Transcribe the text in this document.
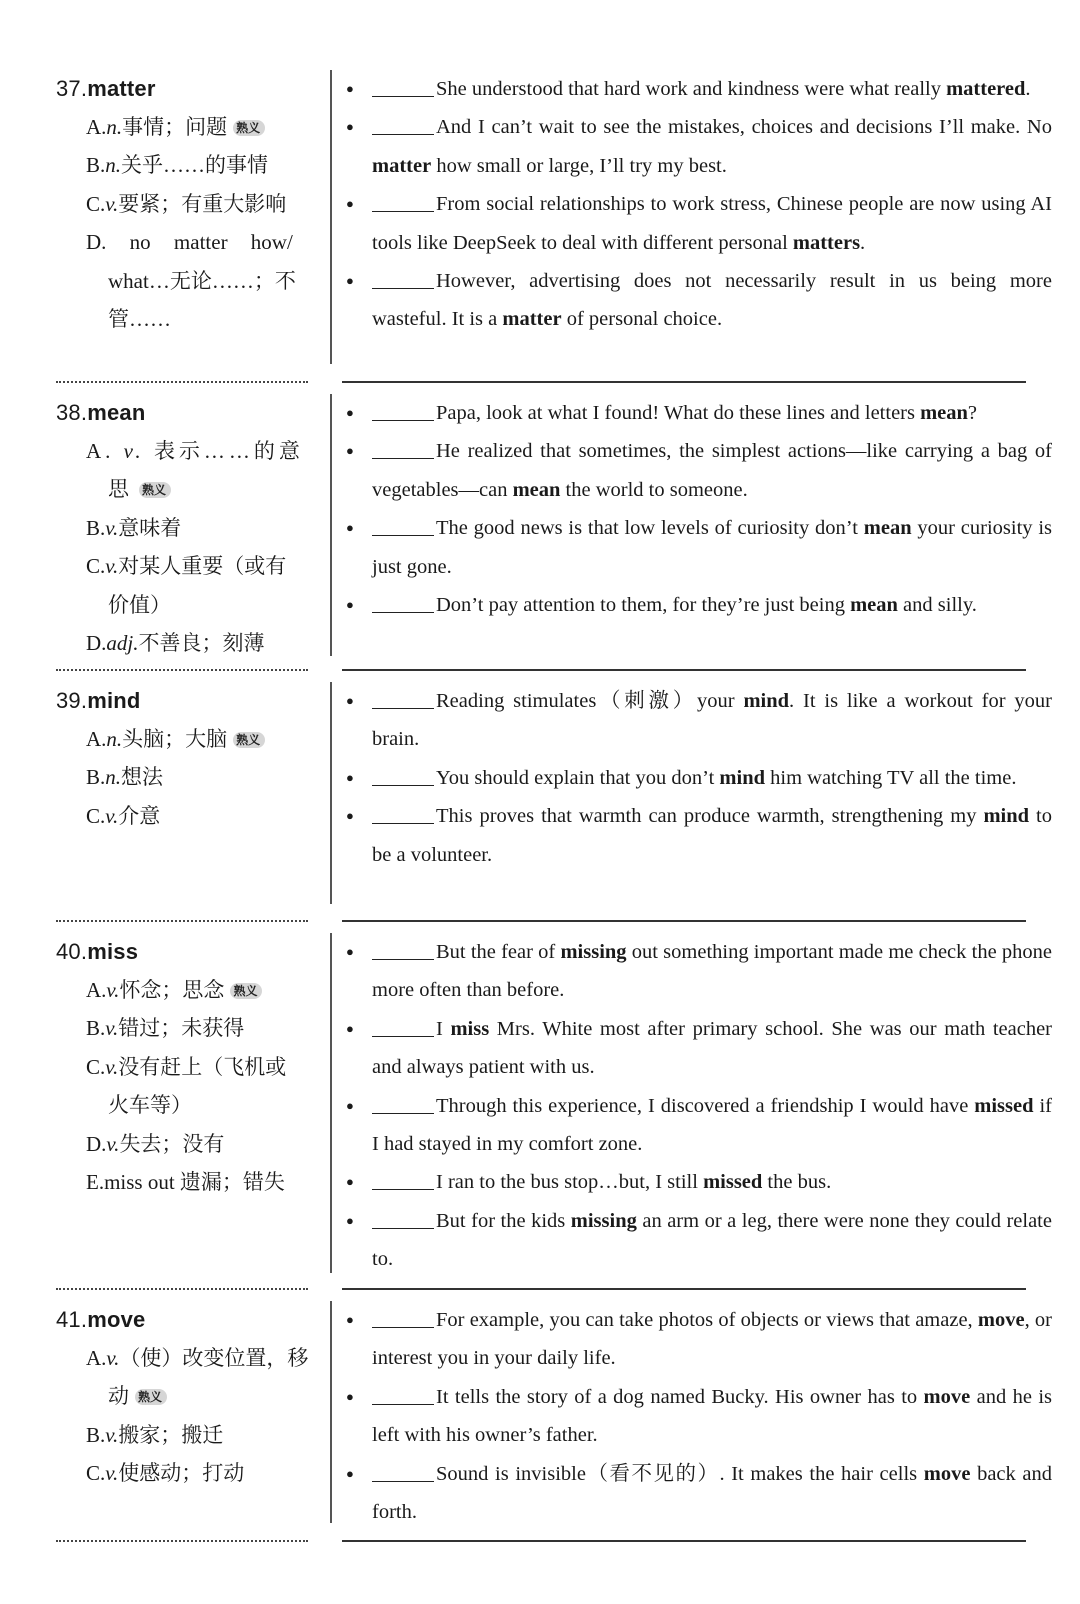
37.matter
A.n.事情；问题 熟义
B.n.关乎……的事情
C.v.要紧；有重大影响
D. no matter how/
what…无论……；不
管……
● She understood that hard work and kindness were what really mattered.
● And I can’t wait to see the mistakes, choices and decisions I’ll make. No matter how small or large, I’ll try my best.
● From social relationships to work stress, Chinese people are now using AI tools like DeepSeek to deal with different personal matters.
● However, advertising does not necessarily result in us being more wasteful. It is a matter of personal choice.
38.mean
A. v. 表示……的意
思 熟义
B.v.意味着
C.v.对某人重要（或有
价值）
D.adj.不善良；刻薄
● Papa, look at what I found! What do these lines and letters mean?
● He realized that sometimes, the simplest actions—like carrying a bag of vegetables—can mean the world to someone.
● The good news is that low levels of curiosity don’t mean your curiosity is just gone.
● Don’t pay attention to them, for they’re just being mean and silly.
39.mind
A.n.头脑；大脑 熟义
B.n.想法
C.v.介意
● Reading stimulates（刺激）your mind. It is like a workout for your brain.
● You should explain that you don’t mind him watching TV all the time.
● This proves that warmth can produce warmth, strengthening my mind to be a volunteer.
40.miss
A.v.怀念；思念 熟义
B.v.错过；未获得
C.v.没有赶上（飞机或
火车等）
D.v.失去；没有
E.miss out 遗漏；错失
● But the fear of missing out something important made me check the phone more often than before.
● I miss Mrs. White most after primary school. She was our math teacher and always patient with us.
● Through this experience, I discovered a friendship I would have missed if I had stayed in my comfort zone.
● I ran to the bus stop…but, I still missed the bus.
● But for the kids missing an arm or a leg, there were none they could relate to.
41.move
A.v.（使）改变位置，移
动 熟义
B.v.搬家；搬迁
C.v.使感动；打动
● For example, you can take photos of objects or views that amaze, move, or interest you in your daily life.
● It tells the story of a dog named Bucky. His owner has to move and he is left with his owner’s father.
● Sound is invisible（看不见的）. It makes the hair cells move back and forth.
